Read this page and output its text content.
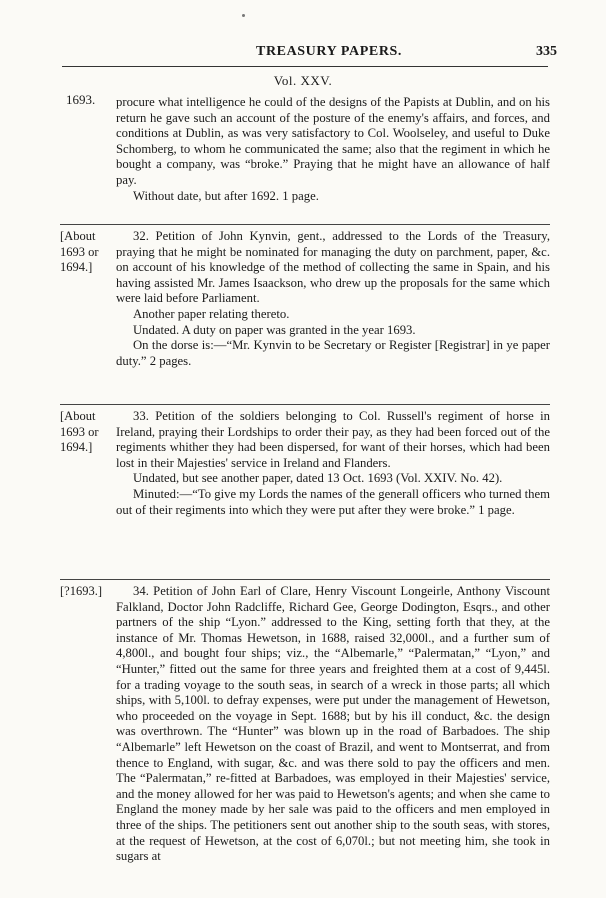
TREASURY PAPERS.	335
Vol. XXV.
1693. procure what intelligence he could of the designs of the Papists at Dublin, and on his return he gave such an account of the posture of the enemy's affairs, and forces, and conditions at Dublin, as was very satisfactory to Col. Woolseley, and useful to Duke Schomberg, to whom he communicated the same; also that the regiment in which he bought a company, was “broke.” Praying that he might have an allowance of half pay.

Without date, but after 1692. 1 page.

[About 1693 or 1694.]

32. Petition of John Kynvin, gent., addressed to the Lords of the Treasury, praying that he might be nominated for managing the duty on parchment, paper, &c. on account of his knowledge of the method of collecting the same in Spain, and his having assisted Mr. James Isaackson, who drew up the proposals for the same which were laid before Parliament.

Another paper relating thereto.

Undated. A duty on paper was granted in the year 1693.

On the dorse is:—“Mr. Kynvin to be Secretary or Register [Registrar] in ye paper duty.” 2 pages.

[About 1693 or 1694.]

33. Petition of the soldiers belonging to Col. Russell's regiment of horse in Ireland, praying their Lordships to order their pay, as they had been forced out of the regiments whither they had been dispersed, for want of their horses, which had been lost in their Majesties' service in Ireland and Flanders.

Undated, but see another paper, dated 13 Oct. 1693 (Vol. XXIV. No. 42).

Minuted:—“To give my Lords the names of the generall officers who turned them out of their regiments into which they were put after they were broke.” 1 page.

[?1693.]	34. Petition of John Earl of Clare, Henry Viscount Longeirle, Anthony Viscount Falkland, Doctor John Radcliffe, Richard Gee, George Dodington, Esqrs., and other partners of the ship “Lyon.” addressed to the King, setting forth that they, at the instance of Mr. Thomas Hewetson, in 1688, raised 32,000l., and a further sum of 4,800l., and bought four ships; viz., the “Albemarle,” “Palermatan,” “Lyon,” and “Hunter,” fitted out the same for three years and freighted them at a cost of 9,445l. for a trading voyage to the south seas, in search of a wreck in those parts; all which ships, with 5,100l. to defray expenses, were put under the management of Hewetson, who proceeded on the voyage in Sept. 1688; but by his ill conduct, &c. the design was overthrown. The “Hunter” was blown up in the road of Barbadoes. The ship “Albemarle” left Hewetson on the coast of Brazil, and went to Montserrat, and from thence to England, with sugar, &c. and was there sold to pay the officers and men. The “Palermatan,” re-fitted at Barbadoes, was employed in their Majesties' service, and the money allowed for her was paid to Hewetson's agents; and when she came to England the money made by her sale was paid to the officers and men employed in three of the ships. The petitioners sent out another ship to the south seas, with stores, at the request of Hewetson, at the cost of 6,070l.; but not meeting him, she took in sugars at
